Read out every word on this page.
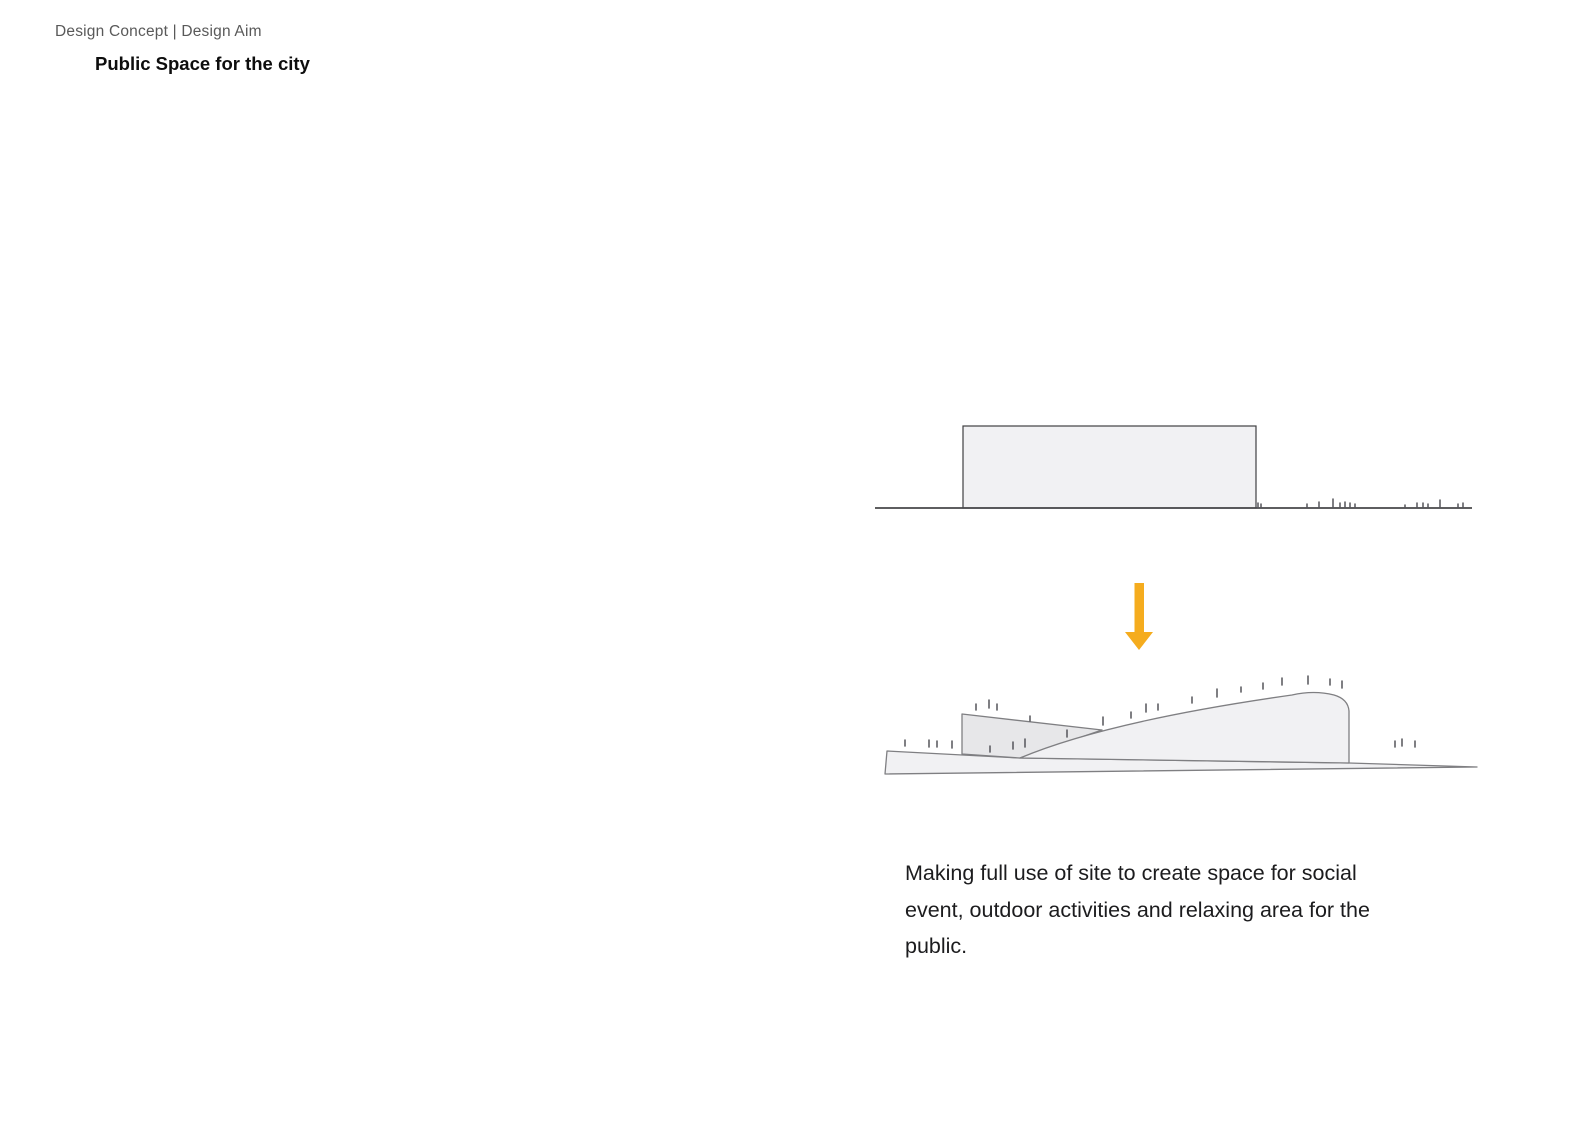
Design Concept | Design Aim
Public Space for the city
Making full use of site to create space for social
event, outdoor activities and relaxing area for the
public.
